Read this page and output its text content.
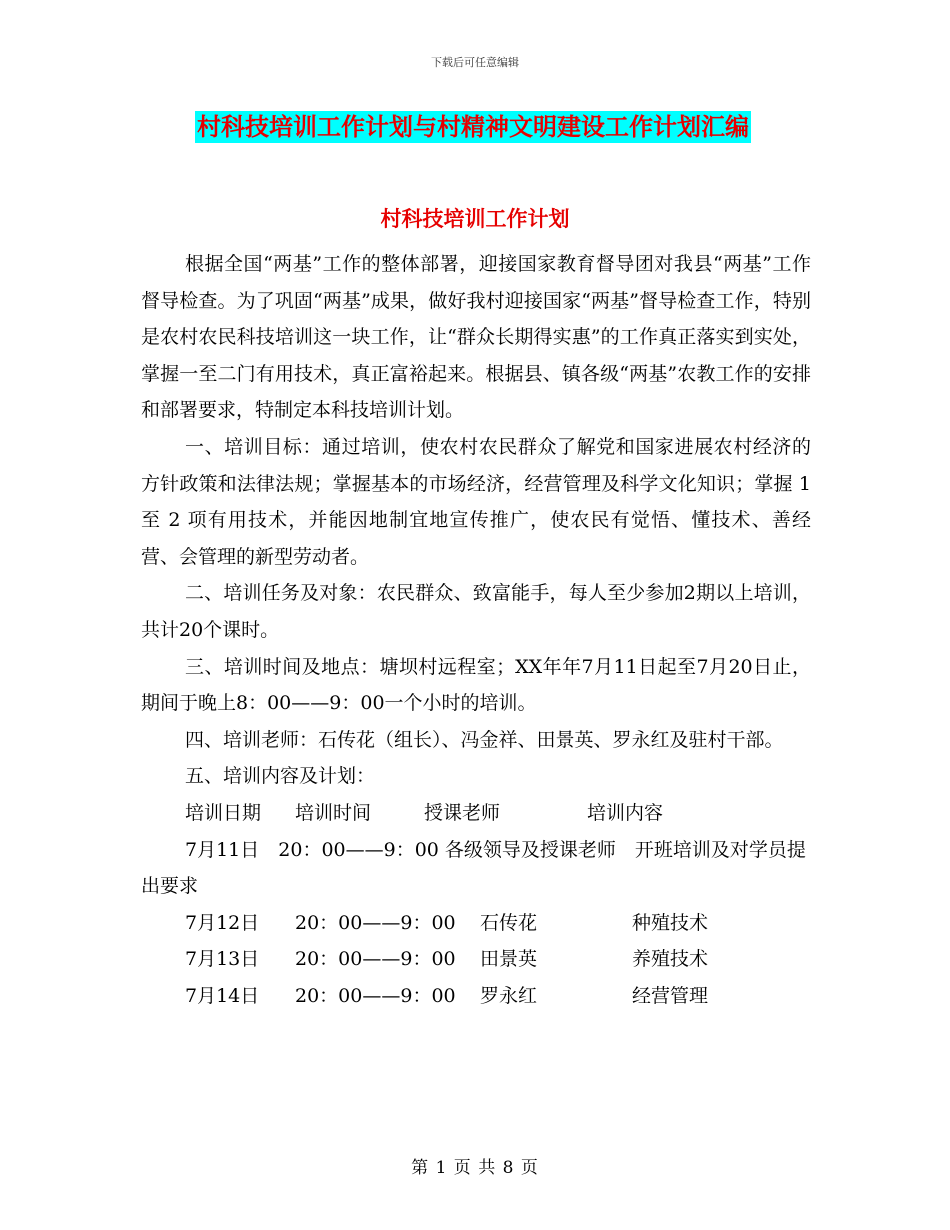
下载后可任意编辑
村科技培训工作计划与村精神文明建设工作计划汇编
村科技培训工作计划

根据全国“两基”工作的整体部署，迎接国家教育督导团对我县“两基”工作督导检查。为了巩固“两基”成果，做好我村迎接国家“两基”督导检查工作，特别是农村农民科技培训这一块工作，让“群众长期得实惠”的工作真正落实到实处，掌握一至二门有用技术，真正富裕起来。根据县、镇各级“两基”农教工作的安排和部署要求，特制定本科技培训计划。

一、培训目标：通过培训，使农村农民群众了解党和国家进展农村经济的方针政策和法律法规；掌握基本的市场经济，经营管理及科学文化知识；掌握 1 至 2 项有用技术，并能因地制宜地宣传推广，使农民有觉悟、懂技术、善经营、会管理的新型劳动者。

二、培训任务及对象：农民群众、致富能手，每人至少参加2期以上培训，共计20个课时。

三、培训时间及地点：塘坝村远程室；XX年年7月11日起至7月20日止，期间于晚上8：00——9：00一个小时的培训。

四、培训老师：石传花（组长）、冯金祥、田景英、罗永红及驻村干部。

五、培训内容及计划：

培训日期 培训时间	授课老师	培训内容

7月11日　20：00——9：00 各级领导及授课老师　开班培训及对学员提出要求

7月12日 20：00——9：00 石传花	种殖技术
7月13日 20：00——9：00 田景英	养殖技术
7月14日 20：00——9：00 罗永红	经营管理
第 1 页 共 8 页
